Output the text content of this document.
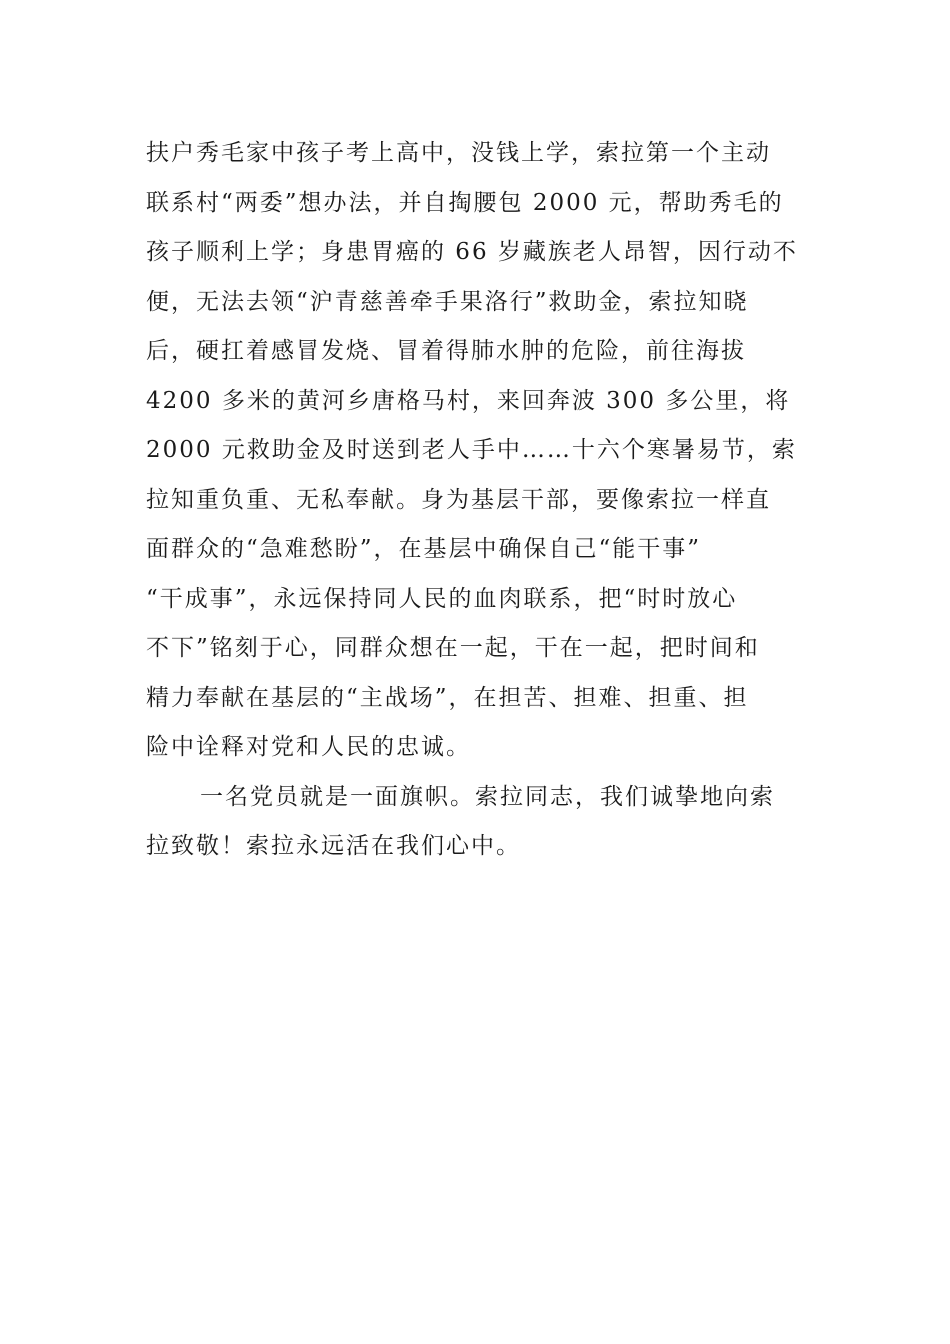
扶户秀毛家中孩子考上高中，没钱上学，索拉第一个主动
联系村“两委”想办法，并自掏腰包 2000 元，帮助秀毛的
孩子顺利上学；身患胃癌的 66 岁藏族老人昂智，因行动不
便，无法去领“沪青慈善牵手果洛行”救助金，索拉知晓
后，硬扛着感冒发烧、冒着得肺水肿的危险，前往海拔
4200 多米的黄河乡唐格马村，来回奔波 300 多公里，将
2000 元救助金及时送到老人手中……十六个寒暑易节，索
拉知重负重、无私奉献。身为基层干部，要像索拉一样直
面群众的“急难愁盼”，在基层中确保自己“能干事”
“干成事”，永远保持同人民的血肉联系，把“时时放心
不下”铭刻于心，同群众想在一起，干在一起，把时间和
精力奉献在基层的“主战场”，在担苦、担难、担重、担
险中诠释对党和人民的忠诚。
一名党员就是一面旗帜。索拉同志，我们诚挚地向索
拉致敬！索拉永远活在我们心中。
